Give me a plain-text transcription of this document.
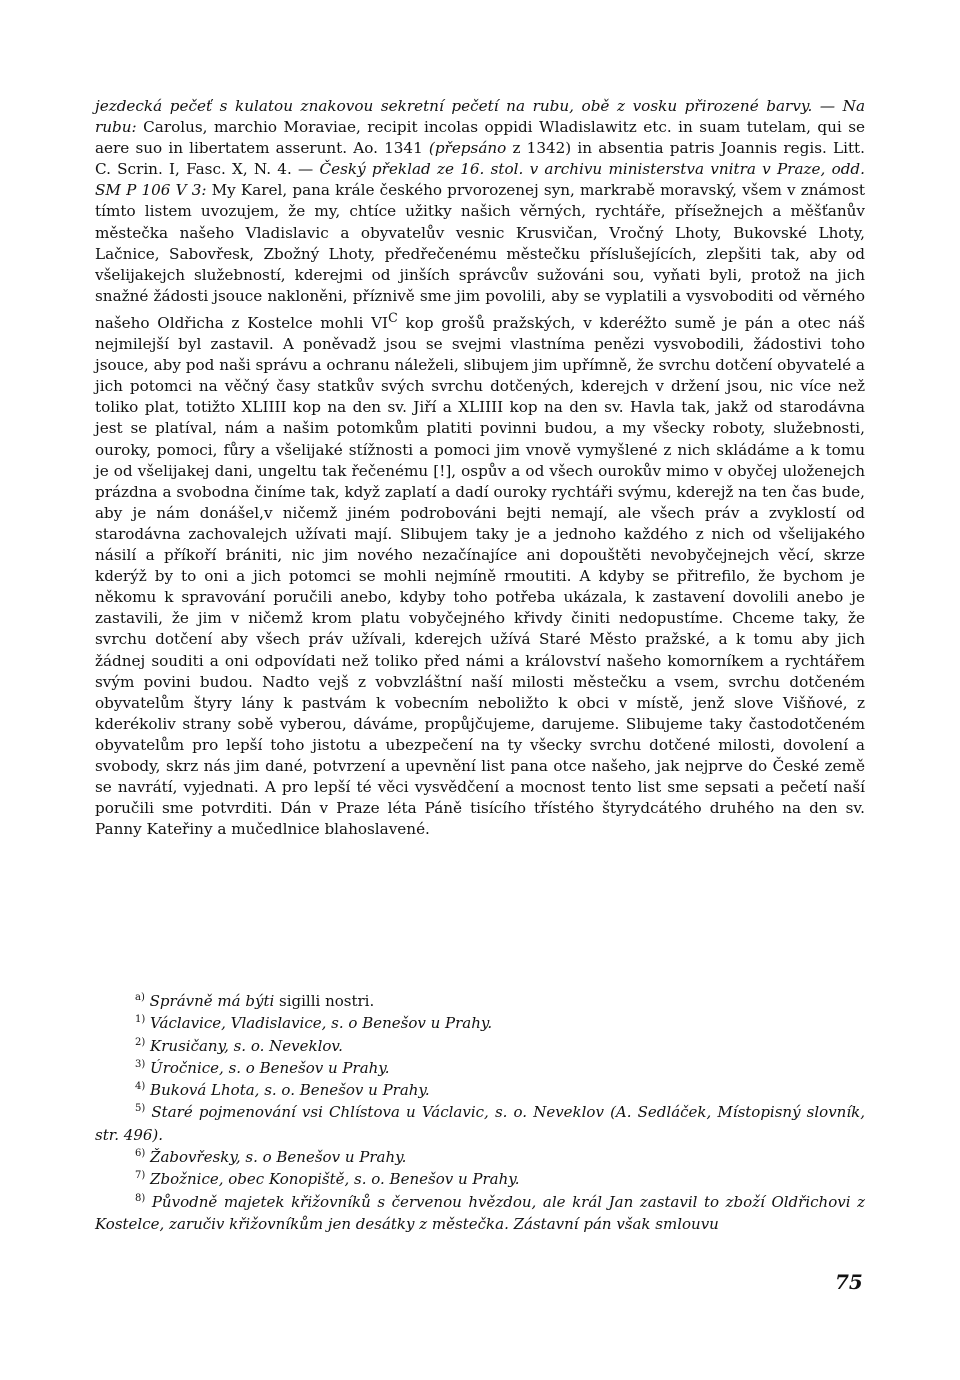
jezdecká pečeť s kulatou znakovou sekretní pečetí na rubu, obě z vosku přirozené barvy. — Na rubu: Carolus, marchio Moraviae, recipit incolas oppidi Wladislawitz etc. in suam tutelam, qui se aere suo in libertatem asserunt. Ao. 1341 (přepsáno z 1342) in absentia patris Joannis regis. Litt. C. Scrin. I, Fasc. X, N. 4. — Český překlad ze 16. stol. v archivu ministerstva vnitra v Praze, odd. SM P 106 V 3: My Karel, pana krále českého prvorozenej syn, markrabě moravský, všem v známost tímto listem uvozujem, že my, chtíce užitky našich věrných, rychtáře, přísežnejch a měšťanův městečka našeho Vladislavic a obyvatelův vesnic Krusvičan, Vročný Lhoty, Bukovské Lhoty, Lačnice, Sabovřesk, Zbožný Lhoty, předřečenému městečku příslušejících, zlepšiti tak, aby od všelijakejch služebností, kderejmi od jinších správcův sužováni sou, vyňati byli, protož na jich snažné žádosti jsouce nakloněni, příznivě sme jim povolili, aby se vyplatili a vysvoboditi od věrného našeho Oldřicha z Kostelce mohli $VI^C$ kop grošů pražských, v kderéžto sumě je pán a otec náš nejmilejší byl zastavil. A poněvadž jsou se svejmi vlastníma penězi vysvobodili, žádostivi toho jsouce, aby pod naši správu a ochranu náleželi, slibujem jim upřímně, že svrchu dotčení obyvatelé a jich potomci na věčný časy statkův svých svrchu dotčených, kderejch v držení jsou, nic více než toliko plat, totižto XLIIII kop na den sv. Jiří a XLIIII kop na den sv. Havla tak, jakž od starodávna jest se platíval, nám a našim potomkům platiti povinni budou, a my všecky roboty, služebnosti, ouroky, pomoci, fůry a všelijaké stížnosti a pomoci jim vnově vymyšlené z nich skládáme a k tomu je od všelijakej dani, ungeltu tak řečenému [!], ospův a od všech ourokův mimo v obyčej uloženejch prázdna a svobodna činíme tak, když zaplatí a dadí ouroky rychtáři svýmu, kderejž na ten čas bude, aby je nám donášel,v ničemž jiném podrobováni bejti nemají, ale všech práv a zvyklostí od starodávna zachovalejch užívati mají. Slibujem taky je a jednoho každého z nich od všelijakého násilí a příkoří brániti, nic jim nového nezačínajíce ani dopouštěti nevobyčejnejch věcí, skrze kderýž by to oni a jich potomci se mohli nejmíně rmoutiti. A kdyby se přitrefilo, že bychom je někomu k spravování poručili anebo, kdyby toho potřeba ukázala, k zastavení dovolili anebo je zastavili, že jim v ničemž krom platu vobyčejného křivdy činiti nedopustíme. Chceme taky, že svrchu dotčení aby všech práv užívali, kderejch užívá Staré Město pražské, a k tomu aby jich žádnej souditi a oni odpovídati než toliko před námi a království našeho komorníkem a rychtářem svým povini budou. Nadto vejš z vobvzláštní naší milosti městečku a vsem, svrchu dotčeném obyvatelům štyry lány k pastvám k vobecním neboližto k obci v místě, jenž slove Višňové, z kderékoliv strany sobě vyberou, dáváme, propůjčujeme, darujeme. Slibujeme taky častodotčeném obyvatelům pro lepší toho jistotu a ubezpečení na ty všecky svrchu dotčené milosti, dovolení a svobody, skrz nás jim dané, potvrzení a upevnění list pana otce našeho, jak nejprve do České země se navrátí, vyjednati. A pro lepší té věci vysvědčení a mocnost tento list sme sepsati a pečetí naší poručili sme potvrditi. Dán v Praze léta Páně tisícího třístého štyrydcátého druhého na den sv. Panny Kateřiny a mučedlnice blahoslavené.

$^{a)}$ Správně má býti sigilli nostri.

$^{1)}$ Václavice, Vladislavice, s. o Benešov u Prahy.

$^{2)}$ Krusičany, s. o. Neveklov.

$^{3)}$ Úročnice, s. o Benešov u Prahy.

$^{4)}$ Buková Lhota, s. o. Benešov u Prahy.

$^{5)}$ Staré pojmenování vsi Chlístova u Václavic, s. o. Neveklov (A. Sedláček, Místopisný slovník, str. 496).

$^{6)}$ Žabovřesky, s. o Benešov u Prahy.

$^{7)}$ Zbožnice, obec Konopiště, s. o. Benešov u Prahy.

$^{8)}$ Původně majetek křižovníků s červenou hvězdou, ale král Jan zastavil to zboží Oldřichovi z Kostelce, zaručiv křižovníkům jen desátky z městečka. Zástavní pán však smlouvu

75
